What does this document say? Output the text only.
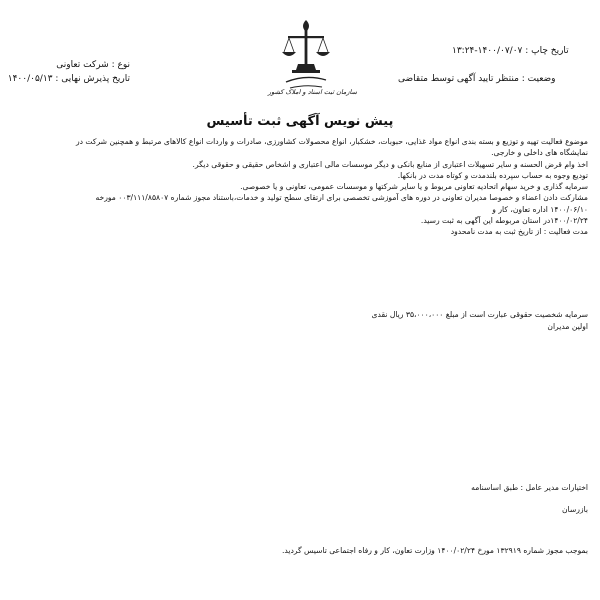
تاریخ چاپ : ۱۴۰۰/۰۷/۰۷-۱۳:۲۴
وضعیت : منتظر تایید آگهی توسط متقاضی
نوع : شرکت تعاونی
تاریخ پذیرش نهایی : ۱۴۰۰/۰۵/۱۳
سازمان ثبت اسناد و املاک کشور
پیش نویس آگهی ثبت تأسیس
موضوع فعالیت تهیه و توزیع و بسته بندی انواع مواد غذایی، حبوبات، خشکبار، انواع محصولات کشاورزی، صادرات و واردات انواع کالاهای مرتبط و همچنین شرکت در
نمایشگاه های داخلی و خارجی.
اخذ وام قرض الحسنه و سایر تسهیلات اعتباری از منابع بانکی و دیگر موسسات مالی اعتباری و اشخاص حقیقی و حقوقی دیگر.
تودیع وجوه به حساب سپرده بلندمدت و کوتاه مدت در بانکها.
سرمایه گذاری و خرید سهام اتحادیه تعاونی مربوط و یا سایر شرکتها و موسسات عمومی، تعاونی و یا خصوصی.
مشارکت دادن اعضاء و خصوصا مدیران تعاونی در دوره های آموزشی تخصصی برای ارتقای سطح تولید و خدمات،باستناد مجوز شماره ۰۰۳/۱۱۱/۸۵۸۰۷ مورخه
۱۴۰۰/۰۶/۱۰ اداره تعاون، کار و
۱۴۰۰/۰۲/۲۴در استان مربوطه این آگهی به ثبت رسید.
مدت فعالیت : از تاریخ ثبت به مدت نامحدود
سرمایه شخصیت حقوقی عبارت است از مبلغ ۳۵،۰۰۰،۰۰۰ ریال نقدی
اولین مدیران
اختیارات مدیر عامل : طبق اساسنامه
بازرسان
بموجب مجوز شماره ۱۳۲۹۱۹ مورخ ۱۴۰۰/۰۲/۲۴ وزارت تعاون، کار و رفاه اجتماعی تاسیس گردید.
